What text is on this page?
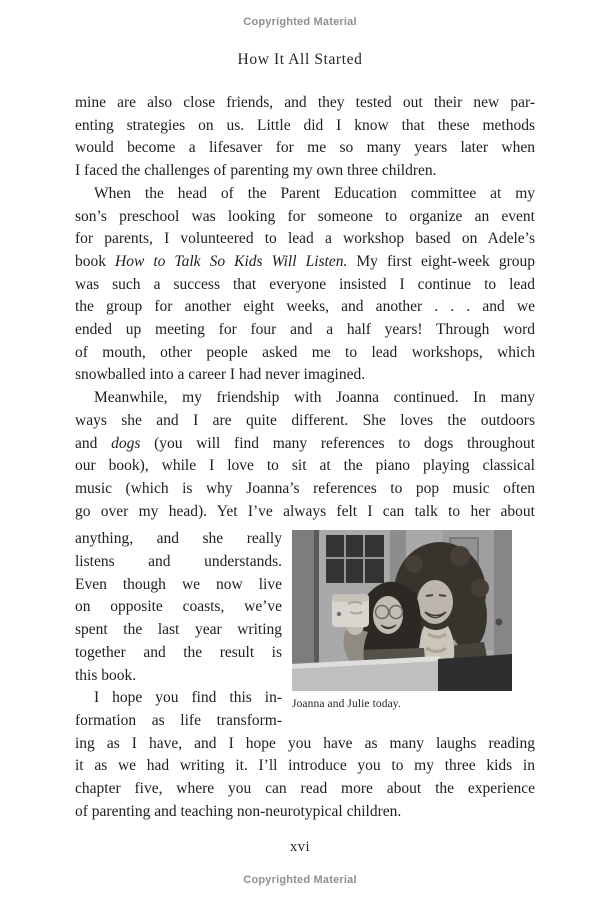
Copyrighted Material
How It All Started
mine are also close friends, and they tested out their new par-
enting strategies on us. Little did I know that these methods
would become a lifesaver for me so many years later when
I faced the challenges of parenting my own three children.
When the head of the Parent Education committee at my
son’s preschool was looking for someone to organize an event
for parents, I volunteered to lead a workshop based on Adele’s
book How to Talk So Kids Will Listen. My first eight-week group
was such a success that everyone insisted I continue to lead
the group for another eight weeks, and another . . . and we
ended up meeting for four and a half years! Through word
of mouth, other people asked me to lead workshops, which
snowballed into a career I had never imagined.
Meanwhile, my friendship with Joanna continued. In many
ways she and I are quite different. She loves the outdoors
and dogs (you will find many references to dogs throughout
our book), while I love to sit at the piano playing classical
music (which is why Joanna’s references to pop music often
go over my head). Yet I’ve always felt I can talk to her about
anything, and she really
listens and understands.
Even though we now live
on opposite coasts, we’ve
spent the last year writing
together and the result is
this book.
I hope you find this in-
formation as life transform-
ing as I have, and I hope you have as many laughs reading
it as we had writing it. I’ll introduce you to my three kids in
chapter five, where you can read more about the experience
of parenting and teaching non-neurotypical children.
Joanna and Julie today.
xvi
Copyrighted Material
